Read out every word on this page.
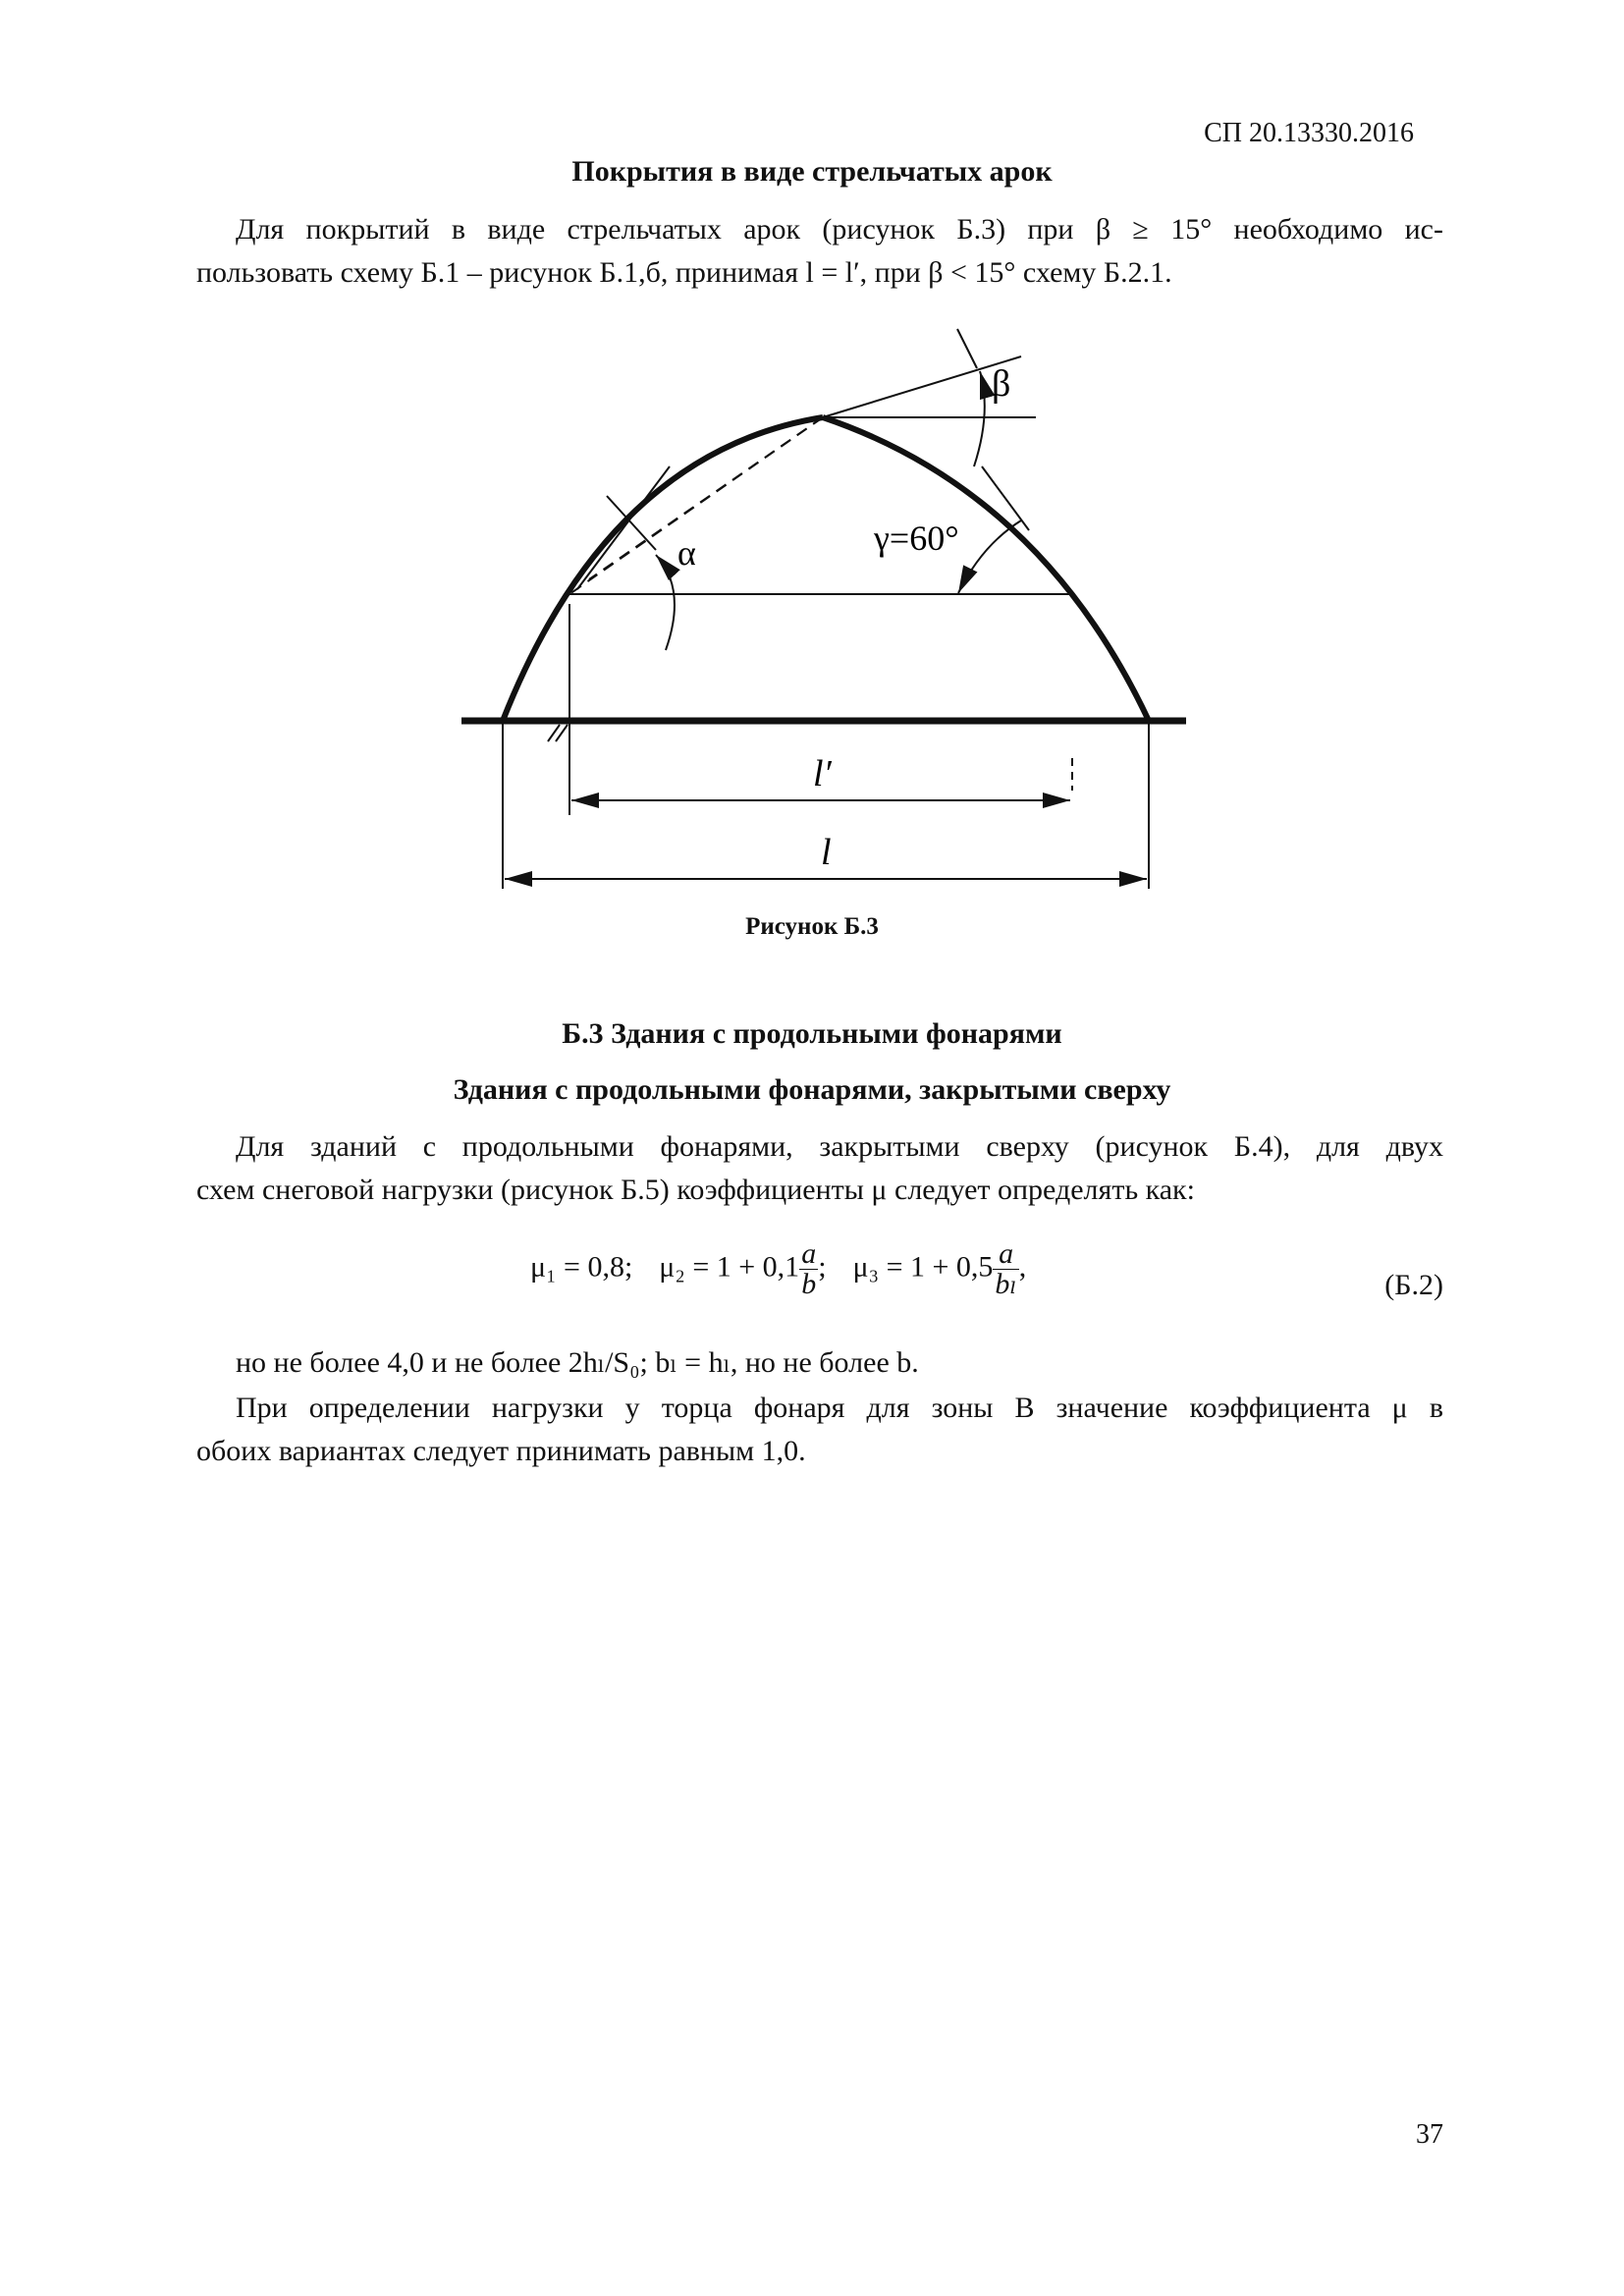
СП 20.13330.2016
Покрытия в виде стрельчатых арок
Для покрытий в виде стрельчатых арок (рисунок Б.3) при β ≥ 15° необходимо ис-
пользовать схему Б.1 – рисунок Б.1,б, принимая l = l′, при β < 15° схему Б.2.1.
β
α	γ=60°
l′
l
Рисунок Б.3
Б.3 Здания с продольными фонарями
Здания с продольными фонарями, закрытыми сверху
Для зданий с продольными фонарями, закрытыми сверху (рисунок Б.4), для двух
схем снеговой нагрузки (рисунок Б.5) коэффициенты μ следует определять как:
μ₁ = 0,8; $\mu_2 = 1 + 0,1 \frac{a}{b}$ ; $\mu_3 = 1 + 0,5 \frac{a}{\text{bₗ}}$ ,
(Б.2)
но не более 4,0 и не более 2hₗ/S₀; bₗ = hₗ, но не более b.
При определении нагрузки у торца фонаря для зоны В значение коэффициента μ в
обоих вариантах следует принимать равным 1,0.
37
